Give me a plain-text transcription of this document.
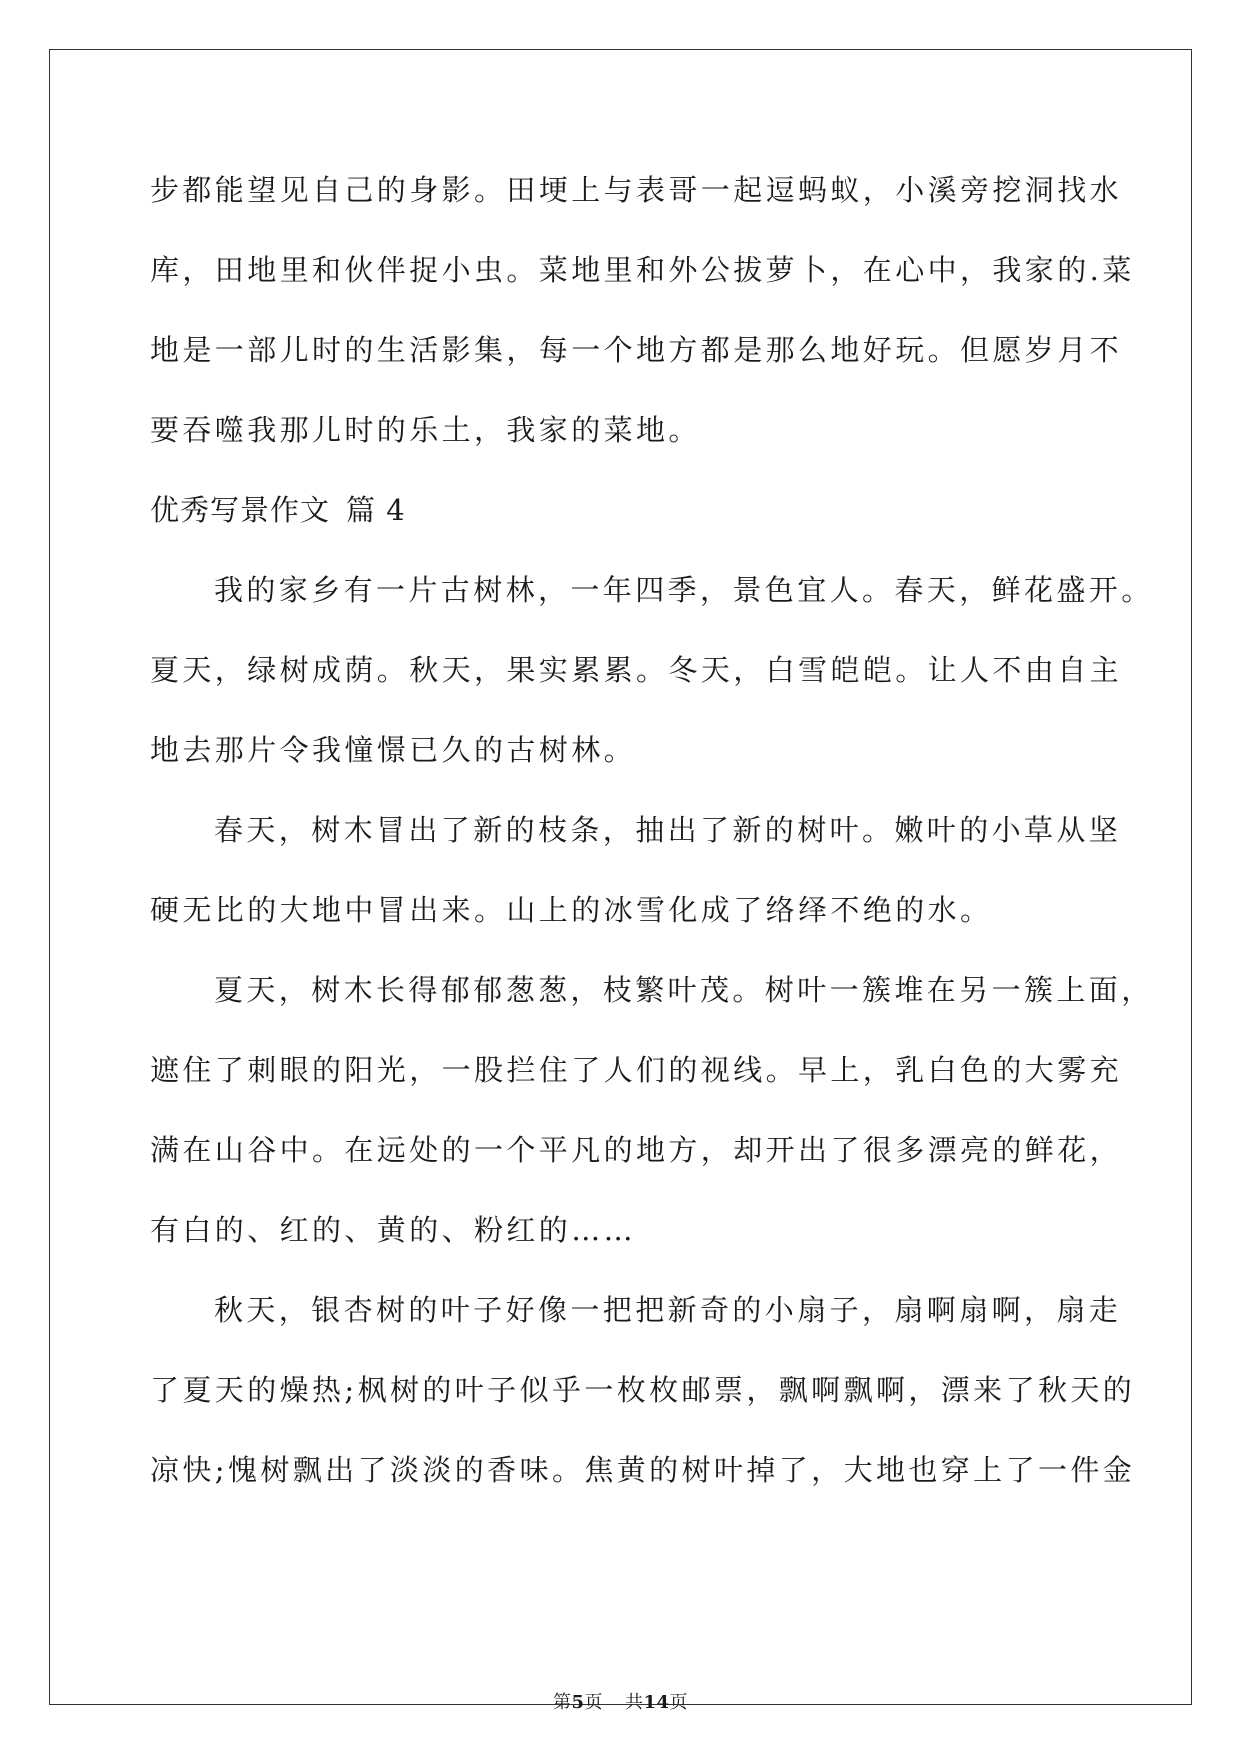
步都能望见自己的身影。田埂上与表哥一起逗蚂蚁，小溪旁挖洞找水
库，田地里和伙伴捉小虫。菜地里和外公拔萝卜，在心中，我家的.菜
地是一部儿时的生活影集，每一个地方都是那么地好玩。但愿岁月不
要吞噬我那儿时的乐土，我家的菜地。
优秀写景作文 篇 4
我的家乡有一片古树林，一年四季，景色宜人。春天，鲜花盛开。
夏天，绿树成荫。秋天，果实累累。冬天，白雪皑皑。让人不由自主
地去那片令我憧憬已久的古树林。
春天，树木冒出了新的枝条，抽出了新的树叶。嫩叶的小草从坚
硬无比的大地中冒出来。山上的冰雪化成了络绎不绝的水。
夏天，树木长得郁郁葱葱，枝繁叶茂。树叶一簇堆在另一簇上面，
遮住了刺眼的阳光，一股拦住了人们的视线。早上，乳白色的大雾充
满在山谷中。在远处的一个平凡的地方，却开出了很多漂亮的鲜花，
有白的、红的、黄的、粉红的……
秋天，银杏树的叶子好像一把把新奇的小扇子，扇啊扇啊，扇走
了夏天的燥热;枫树的叶子似乎一枚枚邮票，飘啊飘啊，漂来了秋天的
凉快;愧树飘出了淡淡的香味。焦黄的树叶掉了，大地也穿上了一件金
第5页 共14页
